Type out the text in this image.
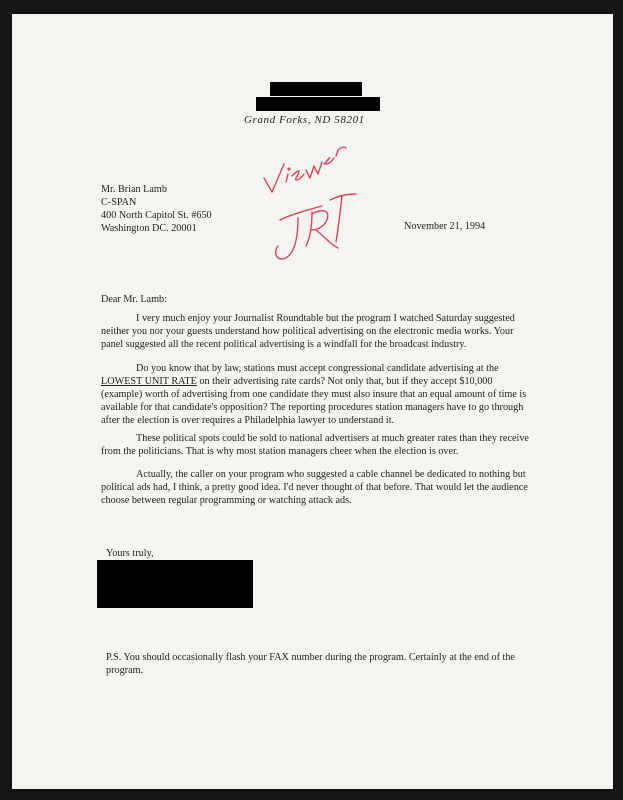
Grand Forks, ND 58201
Mr. Brian Lamb
C-SPAN
400 North Capitol St. #650
Washington DC. 20001	November 21, 1994
Dear Mr. Lamb:
I very much enjoy your Journalist Roundtable but the program I watched Saturday suggested
neither you nor your guests understand how political advertising on the electronic media works. Your
panel suggested all the recent political advertising is a windfall for the broadcast industry.
Do you know that by law, stations must accept congressional candidate advertising at the
LOWEST UNIT RATE on their advertising rate cards? Not only that, but if they accept $10,000
(example) worth of advertising from one candidate they must also insure that an equal amount of time is
available for that candidate's opposition? The reporting procedures station managers have to go through
after the election is over requires a Philadelphia lawyer to understand it.
These political spots could be sold to national advertisers at much greater rates than they receive
from the politicians. That is why most station managers cheer when the election is over.
Actually, the caller on your program who suggested a cable channel be dedicated to nothing but
political ads had, I think, a pretty good idea. I'd never thought of that before. That would let the audience
choose between regular programming or watching attack ads.
Yours truly,
P.S. You should occasionally flash your FAX number during the program. Certainly at the end of the
program.
